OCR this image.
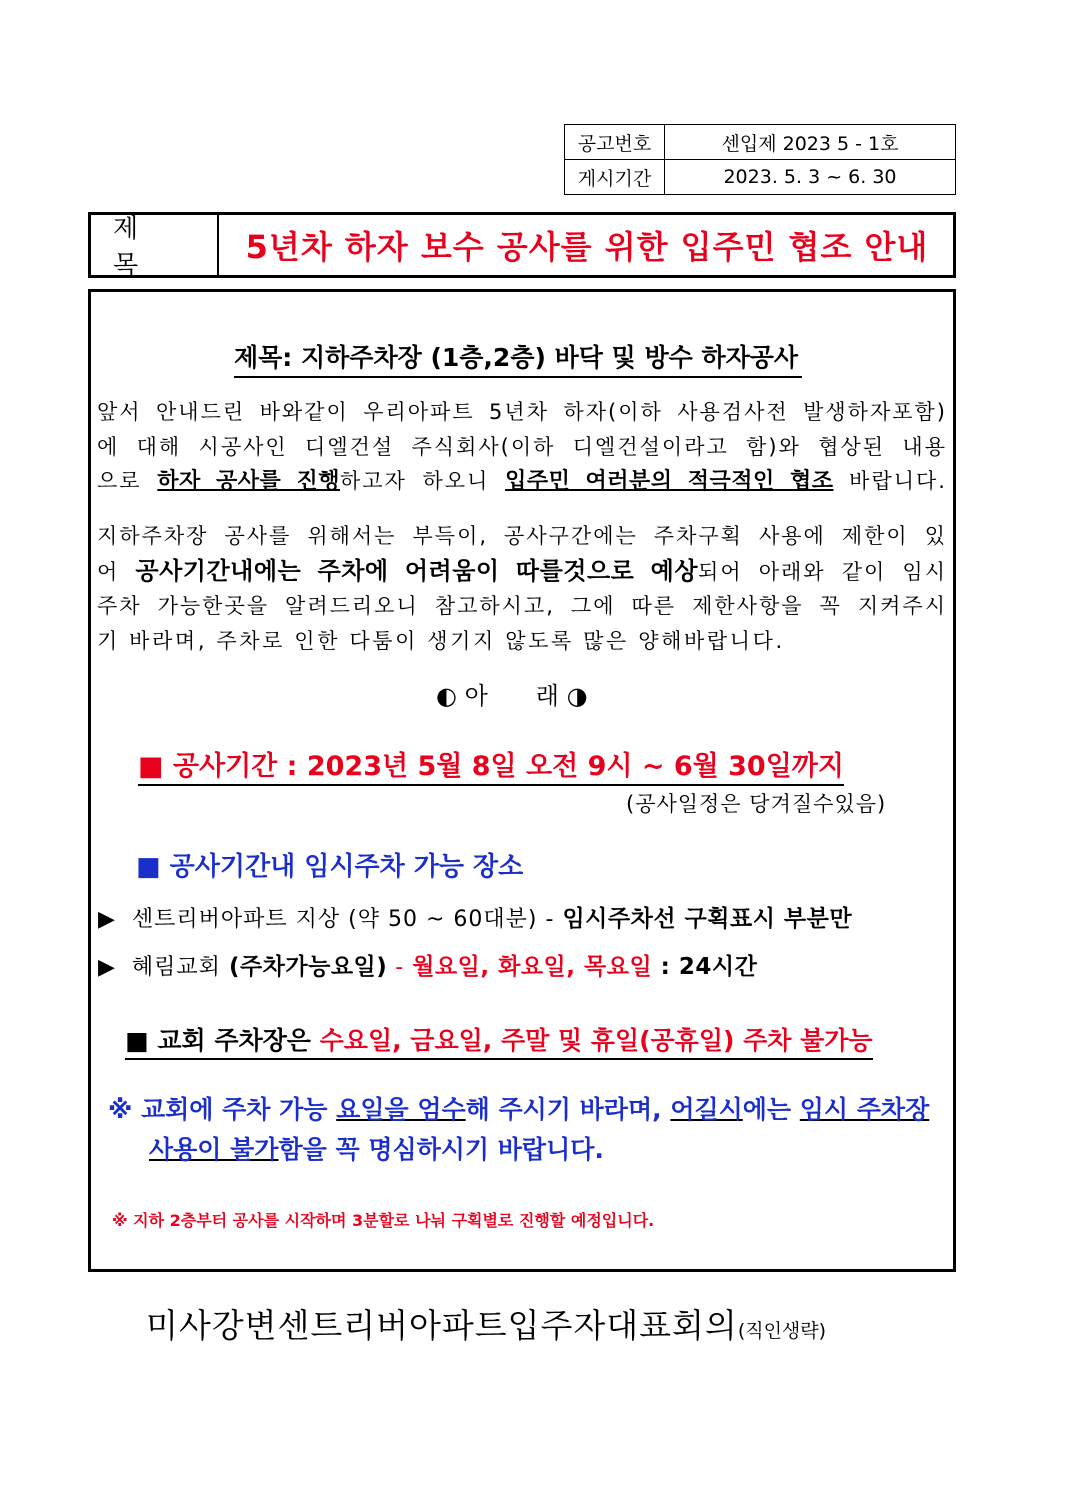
공고번호	센입제 2023 5 - 1호
게시기간	2023. 5. 3 ~ 6. 30
제 목	5년차 하자 보수 공사를 위한 입주민 협조 안내
제목: 지하주차장 (1층,2층) 바닥 및 방수 하자공사
앞서 안내드린 바와같이 우리아파트 5년차 하자(이하 사용검사전 발생하자포함)
에 대해 시공사인 디엘건설 주식회사(이하 디엘건설이라고 함)와 협상된 내용
으로 하자 공사를 진행하고자 하오니 입주민 여러분의 적극적인 협조 바랍니다.
지하주차장 공사를 위해서는 부득이, 공사구간에는 주차구획 사용에 제한이 있
어 공사기간내에는 주차에 어려움이 따를것으로 예상되어 아래와 같이 임시
주차 가능한곳을 알려드리오니 참고하시고, 그에 따른 제한사항을 꼭 지켜주시
기 바라며, 주차로 인한 다툼이 생기지 않도록 많은 양해바랍니다.
◐ 아　　래 ◑
■ 공사기간 : 2023년 5월 8일 오전 9시 ~ 6월 30일까지
(공사일정은 당겨질수있음)
■ 공사기간내 임시주차 가능 장소
▶ 센트리버아파트 지상 (약 50 ~ 60대분) - 임시주차선 구획표시 부분만
▶ 혜림교회 (주차가능요일) - 월요일, 화요일, 목요일 : 24시간
■ 교회 주차장은 수요일, 금요일, 주말 및 휴일(공휴일) 주차 불가능
※ 교회에 주차 가능 요일을 엄수해 주시기 바라며, 어길시에는 임시 주차장
사용이 불가함을 꼭 명심하시기 바랍니다.
※ 지하 2층부터 공사를 시작하며 3분할로 나눠 구획별로 진행할 예정입니다.
미사강변센트리버아파트입주자대표회의(직인생략)
